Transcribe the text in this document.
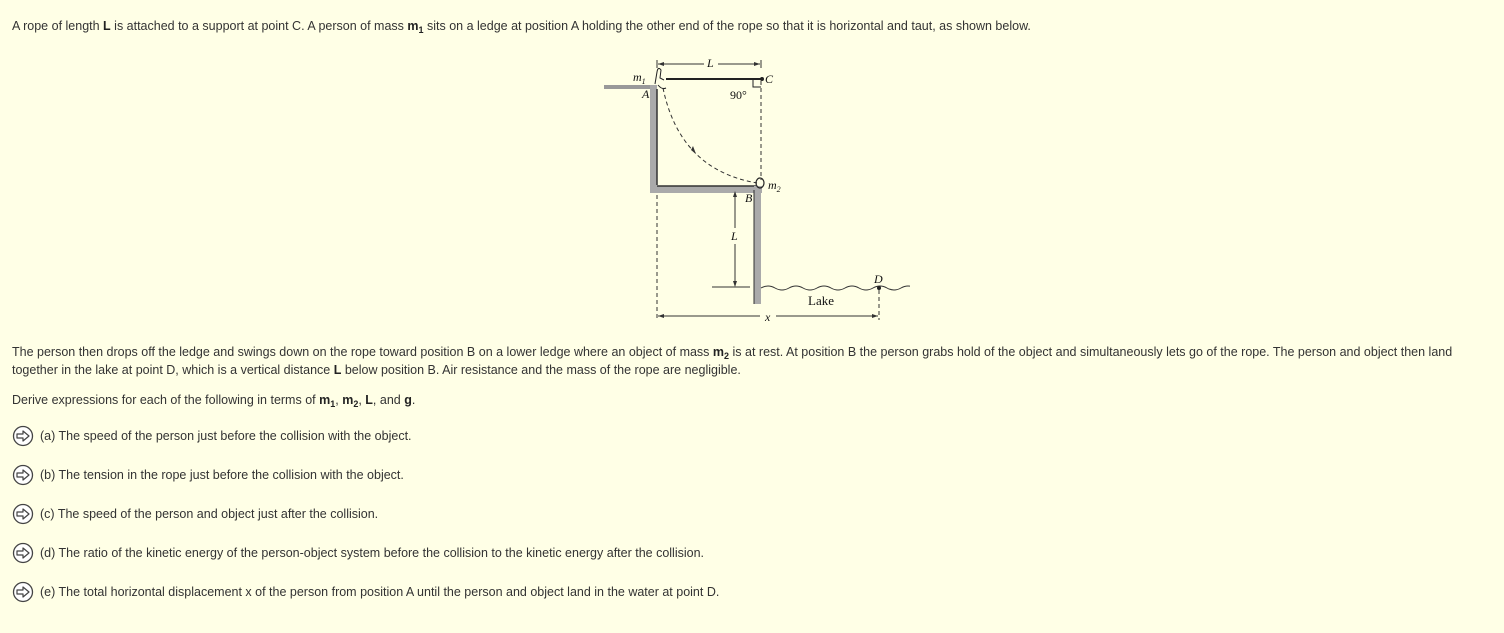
A rope of length L is attached to a support at point C. A person of mass $m_1$ sits on a ledge at position A holding the other end of the rope so that it is horizontal and taut, as shown below.

$m_1$
A
L
C
90°
$m_2$
B
L
D
Lake
x

The person then drops off the ledge and swings down on the rope toward position B on a lower ledge where an object of mass $m_2$ is at rest. At position B the person grabs hold of the object and simultaneously lets go of the rope. The person and object then land together in the lake at point D, which is a vertical distance L below position B. Air resistance and the mass of the rope are negligible.

Derive expressions for each of the following in terms of $m_1$, $m_2$, L, and g.

(a) The speed of the person just before the collision with the object.
(b) The tension in the rope just before the collision with the object.
(c) The speed of the person and object just after the collision.
(d) The ratio of the kinetic energy of the person-object system before the collision to the kinetic energy after the collision.
(e) The total horizontal displacement x of the person from position A until the person and object land in the water at point D.
